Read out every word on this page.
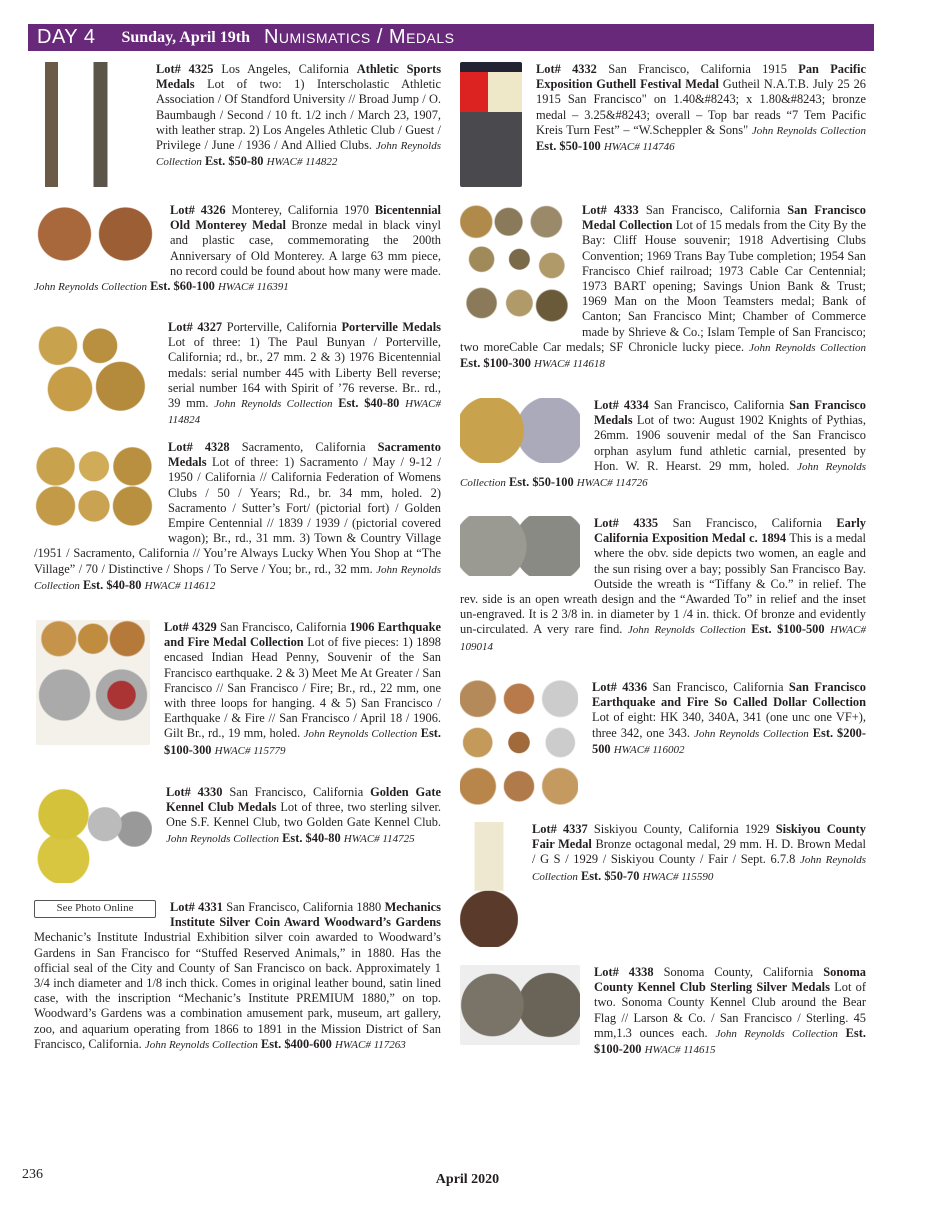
DAY 4 Sunday, April 19th Numismatics / Medals
Lot# 4325 Los Angeles, California Athletic Sports Medals Lot of two: 1) Interscholastic Athletic Association / Of Standford University // Broad Jump / O. Baumbaugh / Second / 10 ft. 1/2 inch / March 23, 1907, with leather strap. 2) Los Angeles Athletic Club / Guest / Privilege / June / 1936 / And Allied Clubs. John Reynolds Collection Est. $50-80 HWAC# 114822
Lot# 4326 Monterey, California 1970 Bicentennial Old Monterey Medal Bronze medal in black vinyl and plastic case, commemorating the 200th Anniversary of Old Monterey. A large 63 mm piece, no record could be found about how many were made. John Reynolds Collection Est. $60-100 HWAC# 116391
Lot# 4327 Porterville, California Porterville Medals Lot of three: 1) The Paul Bunyan / Porterville, California; rd., br., 27 mm. 2 & 3) 1976 Bicentennial medals: serial number 445 with Liberty Bell reverse; serial number 164 with Spirit of ’76 reverse. Br.. rd., 39 mm. John Reynolds Collection Est. $40-80 HWAC# 114824
Lot# 4328 Sacramento, California Sacramento Medals Lot of three: 1) Sacramento / May / 9-12 / 1950 / California // California Federation of Womens Clubs / 50 / Years; Rd., br. 34 mm, holed. 2) Sacramento / Sutter’s Fort/ (pictorial fort) / Golden Empire Centennial // 1839 / 1939 / (pictorial covered wagon); Br., rd., 31 mm. 3) Town & Country Village /1951 / Sacramento, California // You’re Always Lucky When You Shop at “The Village” / 70 / Distinctive / Shops / To Serve / You; br., rd., 32 mm. John Reynolds Collection Est. $40-80 HWAC# 114612
Lot# 4329 San Francisco, California 1906 Earthquake and Fire Medal Collection Lot of five pieces: 1) 1898 encased Indian Head Penny, Souvenir of the San Francisco earthquake. 2 & 3) Meet Me At Greater / San Francisco // San Francisco / Fire; Br., rd., 22 mm, one with three loops for hanging. 4 & 5) San Francisco / Earthquake / & Fire // San Francisco / April 18 / 1906. Gilt Br., rd., 19 mm, holed. John Reynolds Collection Est. $100-300 HWAC# 115779
Lot# 4330 San Francisco, California Golden Gate Kennel Club Medals Lot of three, two sterling silver. One S.F. Kennel Club, two Golden Gate Kennel Club. John Reynolds Collection Est. $40-80 HWAC# 114725
See Photo Online	Lot# 4331 San Francisco, California 1880 Mechanics Institute Silver Coin Award Woodward’s Gardens Mechanic’s Institute Industrial Exhibition silver coin awarded to Woodward’s Gardens in San Francisco for “Stuffed Reserved Animals,” in 1880. Has the official seal of the City and County of San Francisco on back. Approximately 1 3/4 inch diameter and 1/8 inch thick. Comes in original leather bound, satin lined case, with the inscription “Mechanic’s Institute PREMIUM 1880,” on top. Woodward’s Gardens was a combination amusement park, museum, art gallery, zoo, and aquarium operating from 1866 to 1891 in the Mission District of San Francisco, California. John Reynolds Collection Est. $400-600 HWAC# 117263
Lot# 4332 San Francisco, California 1915 Pan Pacific Exposition Guthell Festival Medal Gutheil N.A.T.B. July 25 26 1915 San Francisco" on 1.40&#8243; x 1.80&#8243; bronze medal – 3.25&#8243; overall – Top bar reads “7 Tem Pacific Kreis Turn Fest” – “W.Scheppler & Sons" John Reynolds Collection Est. $50-100 HWAC# 114746
Lot# 4333 San Francisco, California San Francisco Medal Collection Lot of 15 medals from the City By the Bay: Cliff House souvenir; 1918 Advertising Clubs Convention; 1969 Trans Bay Tube completion; 1954 San Francisco Chief railroad; 1973 Cable Car Centennial; 1973 BART opening; Savings Union Bank & Trust; 1969 Man on the Moon Teamsters medal; Bank of Canton; San Francisco Mint; Chamber of Commerce made by Shrieve & Co.; Islam Temple of San Francisco; two moreCable Car medals; SF Chronicle lucky piece. John Reynolds Collection Est. $100-300 HWAC# 114618
Lot# 4334 San Francisco, California San Francisco Medals Lot of two: August 1902 Knights of Pythias, 26mm. 1906 souvenir medal of the San Francisco orphan asylum fund athletic carnial, presented by Hon. W. R. Hearst. 29 mm, holed. John Reynolds Collection Est. $50-100 HWAC# 114726
Lot# 4335 San Francisco, California Early California Exposition Medal c. 1894 This is a medal where the obv. side depicts two women, an eagle and the sun rising over a bay; possibly San Francisco Bay. Outside the wreath is “Tiffany & Co.” in relief. The rev. side is an open wreath design and the “Awarded To” in relief and the inset un-engraved. It is 2 3/8 in. in diameter by 1 /4 in. thick. Of bronze and evidently un-circulated. A very rare find. John Reynolds Collection Est. $100-500 HWAC# 109014
Lot# 4336 San Francisco, California San Francisco Earthquake and Fire So Called Dollar Collection Lot of eight: HK 340, 340A, 341 (one unc one VF+), three 342, one 343. John Reynolds Collection Est. $200-500 HWAC# 116002
Lot# 4337 Siskiyou County, California 1929 Siskiyou County Fair Medal Bronze octagonal medal, 29 mm. H. D. Brown Medal / G S / 1929 / Siskiyou County / Fair / Sept. 6.7.8 John Reynolds Collection Est. $50-70 HWAC# 115590
Lot# 4338 Sonoma County, California Sonoma County Kennel Club Sterling Silver Medals Lot of two. Sonoma County Kennel Club around the Bear Flag // Larson & Co. / San Francisco / Sterling. 45 mm,1.3 ounces each. John Reynolds Collection Est. $100-200 HWAC# 114615
236	April 2020
